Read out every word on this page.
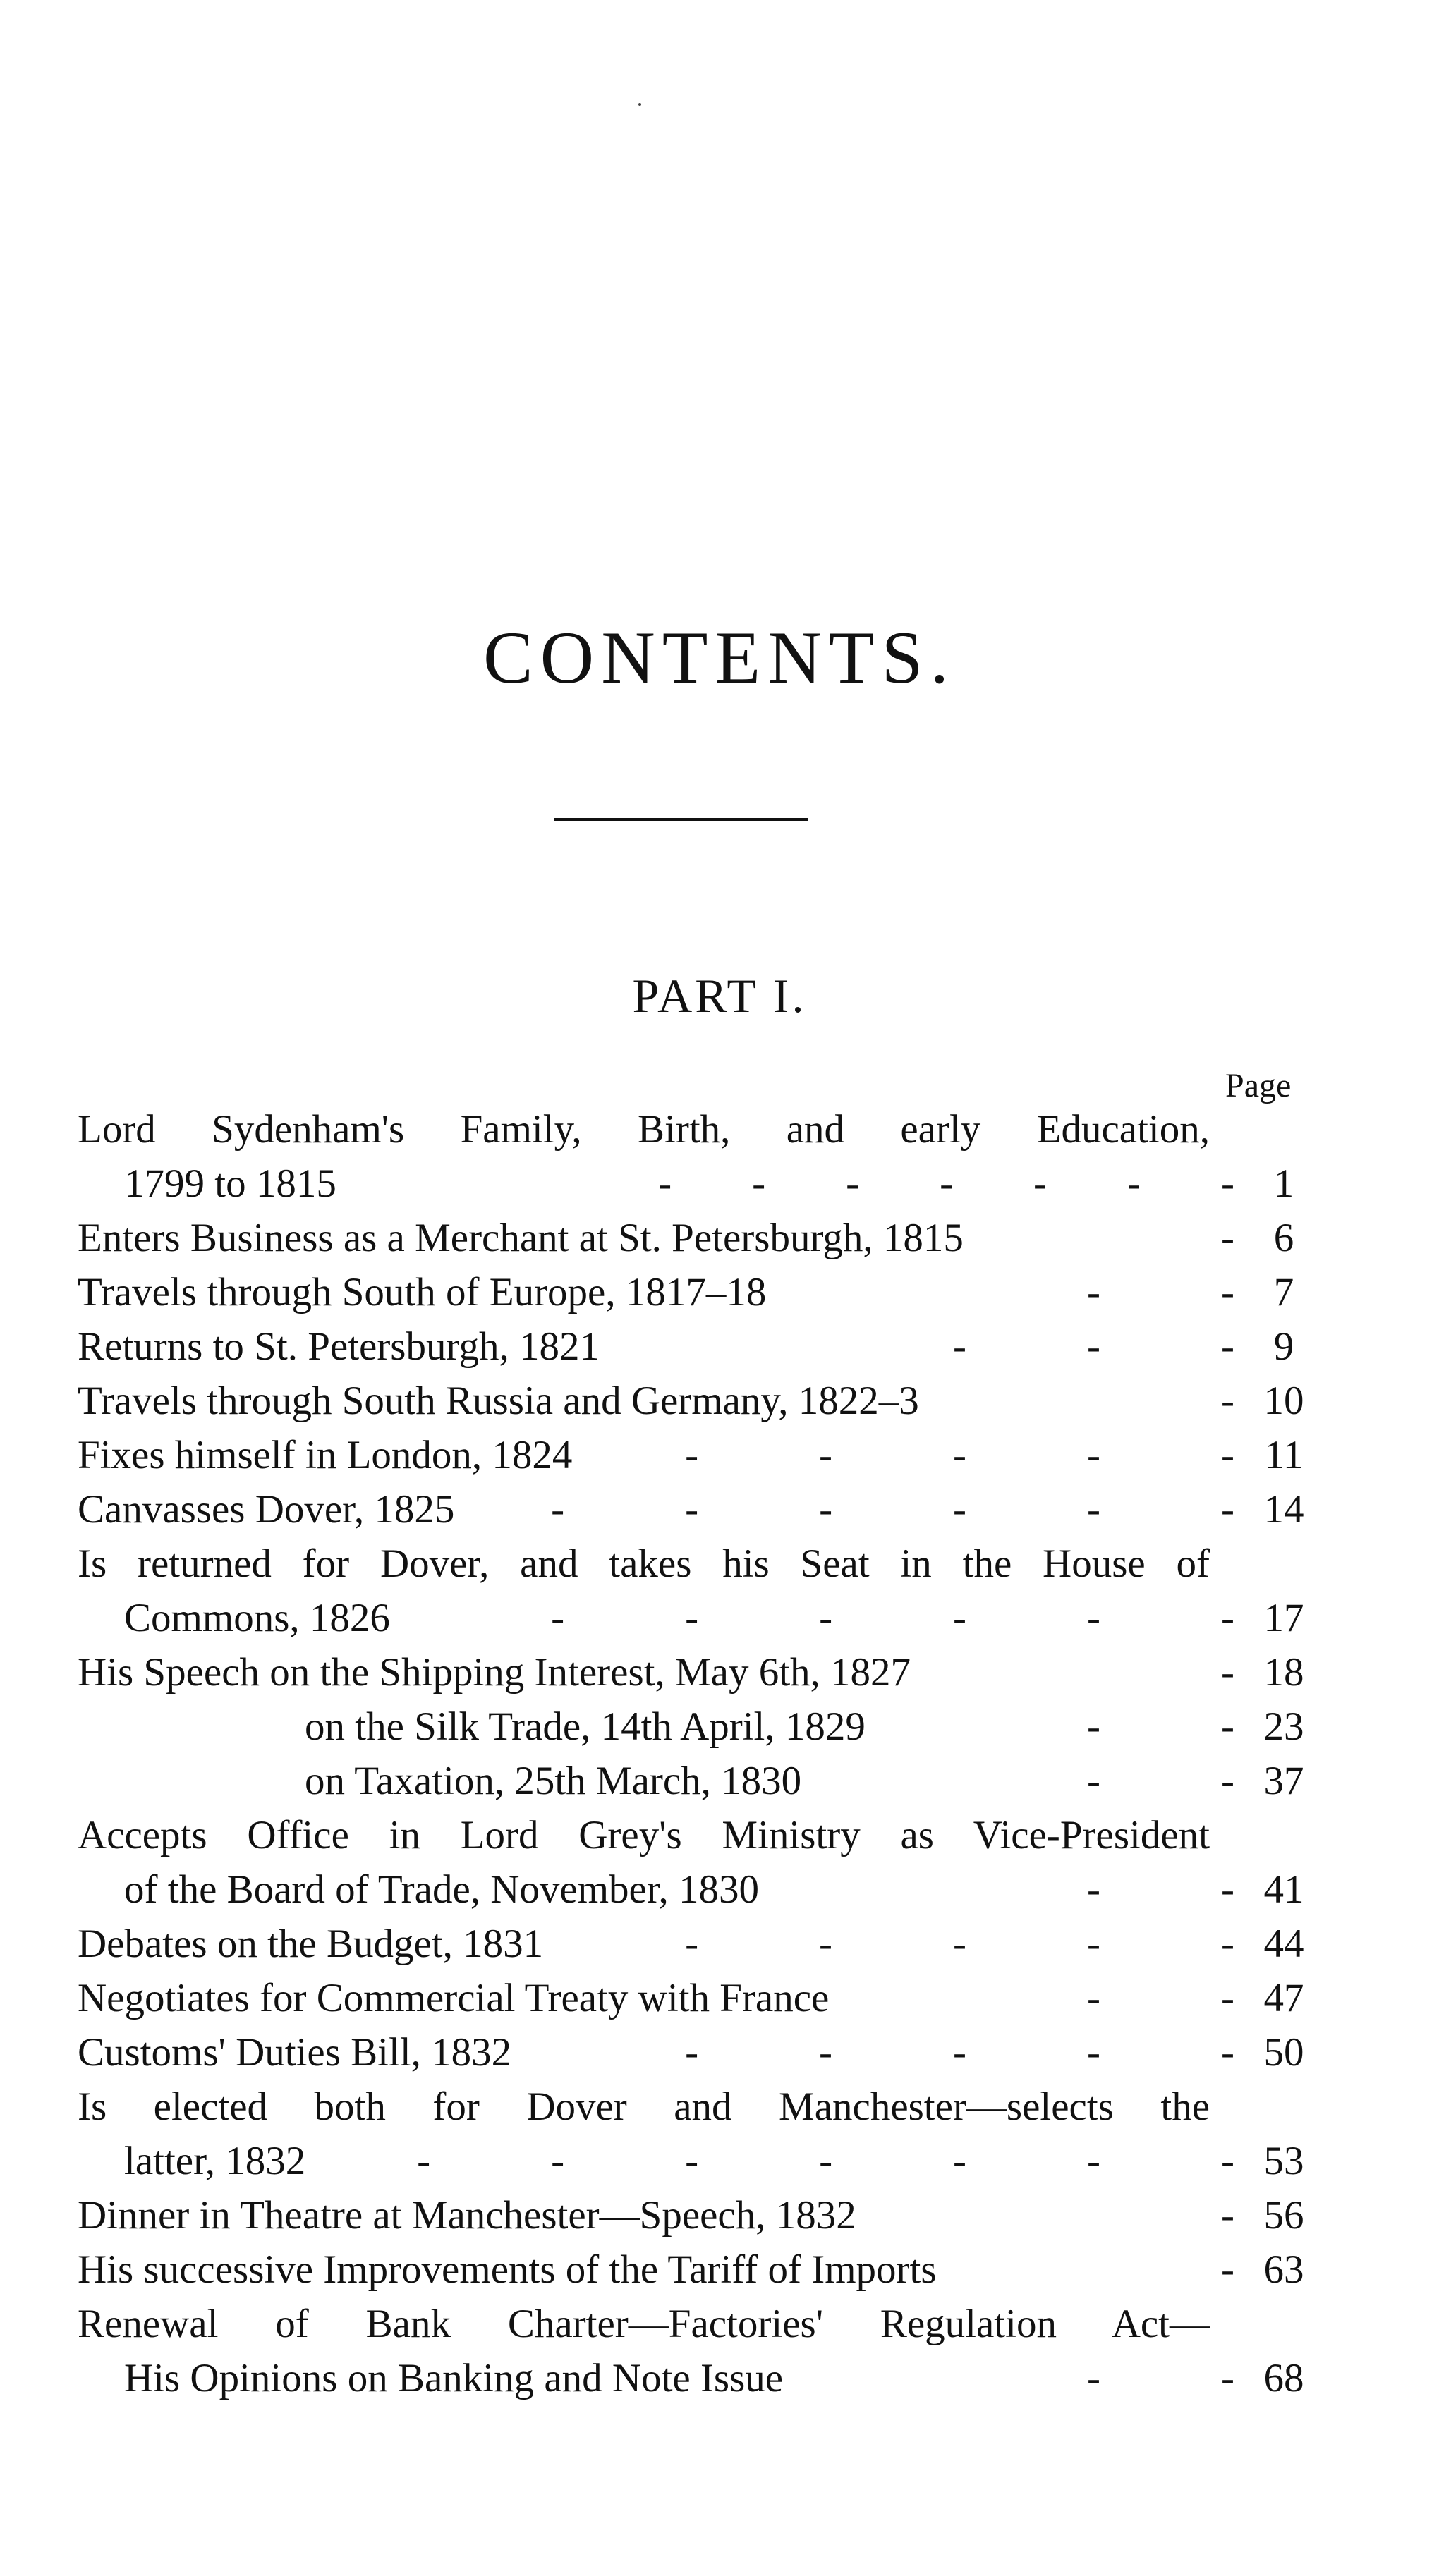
CONTENTS.
PART I.
Page
Lord Sydenham's Family, Birth, and early Education,
1799 to 1815	-  -  -  -  -  -  - 1
Enters Business as a Merchant at St. Petersburgh, 1815	- 6
Travels through South of Europe, 1817–18	-   - 7
Returns to St. Petersburgh, 1821	-   -   - 9
Travels through South Russia and Germany, 1822–3	- 10
Fixes himself in London, 1824	-   -   -   -   - 11
Canvasses Dover, 1825 -   -   -   -   -   - 14
Is returned for Dover, and takes his Seat in the House of
Commons, 1826	-   -   -   -   -   - 17
His Speech on the Shipping Interest, May 6th, 1827	- 18
on the Silk Trade, 14th April, 1829	-   - 23
on Taxation, 25th March, 1830	-   - 37
Accepts Office in Lord Grey's Ministry as Vice-President
of the Board of Trade, November, 1830	-   - 41
Debates on the Budget, 1831	-   -   -   -   - 44
Negotiates for Commercial Treaty with France	-   - 47
Customs' Duties Bill, 1832	-   -   -   -   - 50
Is elected both for Dover and Manchester—selects the
latter, 1832	-   -   -   -   -   -   - 53
Dinner in Theatre at Manchester—Speech, 1832	- 56
His successive Improvements of the Tariff of Imports	- 63
Renewal of Bank Charter—Factories' Regulation Act—
His Opinions on Banking and Note Issue	-   - 68
